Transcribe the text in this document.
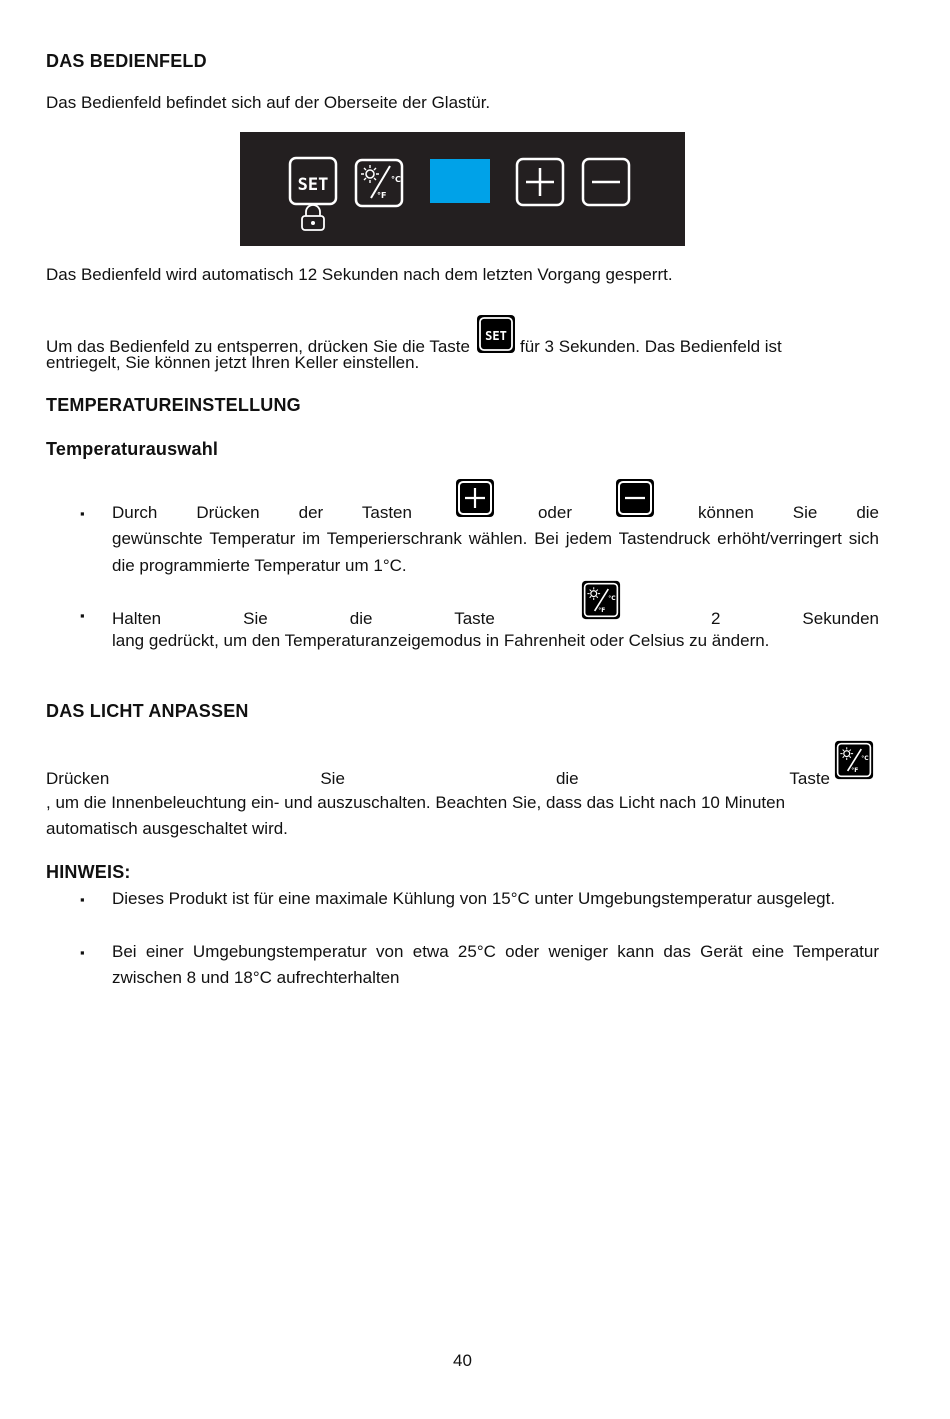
DAS BEDIENFELD
Das Bedienfeld befindet sich auf der Oberseite der Glastür.
SET	°C
°F
Das Bedienfeld wird automatisch 12 Sekunden nach dem letzten Vorgang gesperrt.
Um das Bedienfeld zu entsperren, drücken Sie die Taste
SET
für 3 Sekunden. Das Bedienfeld ist
entriegelt, Sie können jetzt Ihren Keller einstellen.
TEMPERATUREINSTELLUNG
Temperaturauswahl
▪ Durch Drücken der Tasten	oder	können Sie die
gewünschte Temperatur im Temperierschrank wählen. Bei jedem Tastendruck erhöht/verringert sich die programmierte Temperatur um 1°C.
▪ Halten Sie die Taste
°C
°F	2 Sekunden
lang gedrückt, um den Temperaturanzeigemodus in Fahrenheit oder Celsius zu ändern.
DAS LICHT ANPASSEN
Drücken Sie die Taste
°C
°F
, um die Innenbeleuchtung ein- und auszuschalten. Beachten Sie, dass das Licht nach 10 Minuten automatisch ausgeschaltet wird.
HINWEIS:
▪ Dieses Produkt ist für eine maximale Kühlung von 15°C unter Umgebungstemperatur ausgelegt.
▪ Bei einer Umgebungstemperatur von etwa 25°C oder weniger kann das Gerät eine Temperatur zwischen 8 und 18°C aufrechterhalten
40
